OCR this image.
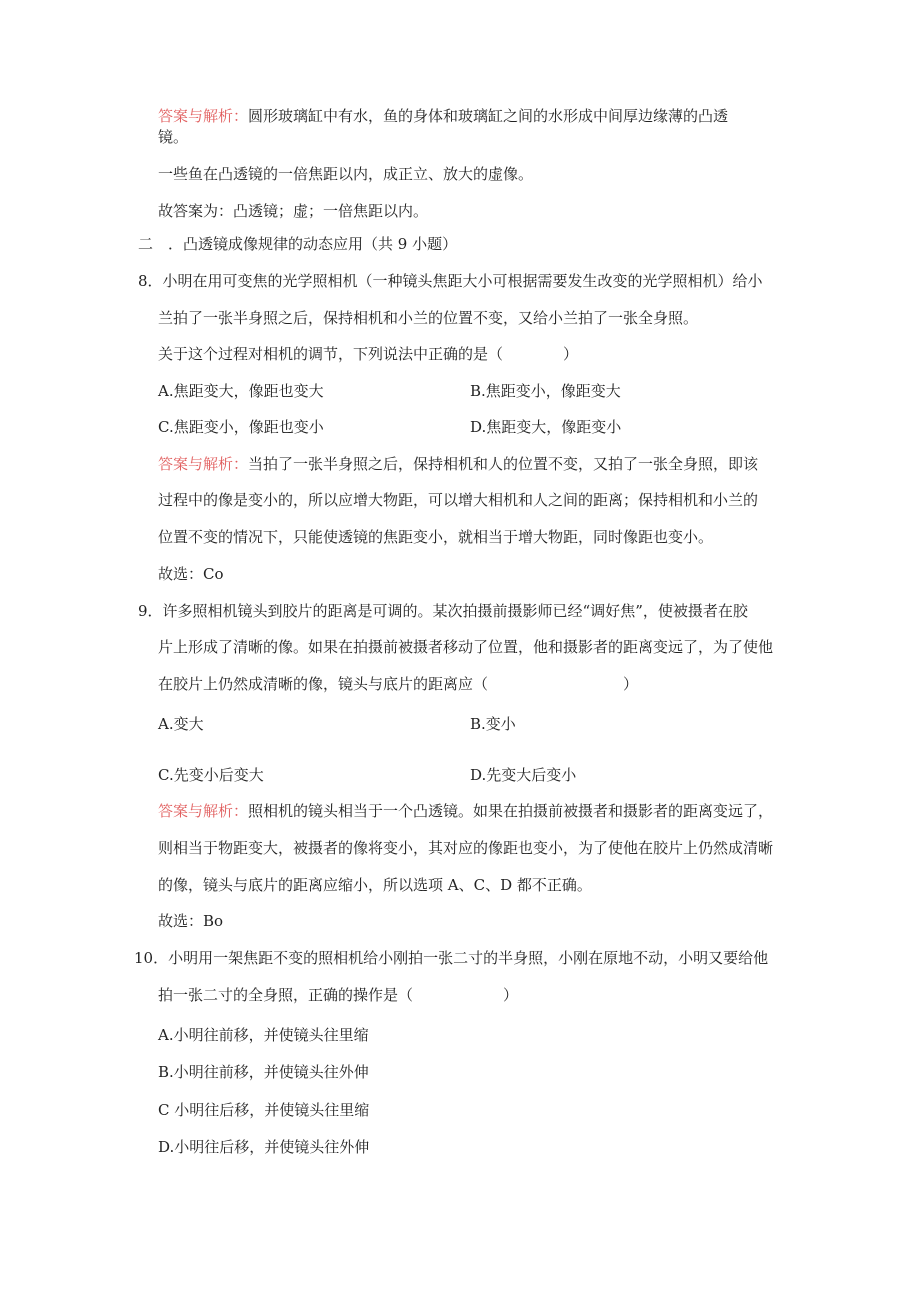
答案与解析：圆形玻璃缸中有水，鱼的身体和玻璃缸之间的水形成中间厚边缘薄的凸透
镜。
一些鱼在凸透镜的一倍焦距以内，成正立、放大的虚像。
故答案为：凸透镜；虚；一倍焦距以内。
二　．凸透镜成像规律的动态应用（共 9 小题）
8．小明在用可变焦的光学照相机（一种镜头焦距大小可根据需要发生改变的光学照相机）给小
兰拍了一张半身照之后，保持相机和小兰的位置不变，又给小兰拍了一张全身照。
关于这个过程对相机的调节，下列说法中正确的是（　　　　）
A.焦距变大，像距也变大	B.焦距变小，像距变大
C.焦距变小，像距也变小	D.焦距变大，像距变小
答案与解析：当拍了一张半身照之后，保持相机和人的位置不变，又拍了一张全身照，即该
过程中的像是变小的，所以应增大物距，可以增大相机和人之间的距离；保持相机和小兰的
位置不变的情况下，只能使透镜的焦距变小，就相当于增大物距，同时像距也变小。
故选：Co
9．许多照相机镜头到胶片的距离是可调的。某次拍摄前摄影师已经“调好焦”，使被摄者在胶
片上形成了清晰的像。如果在拍摄前被摄者移动了位置，他和摄影者的距离变远了，为了使他
在胶片上仍然成清晰的像，镜头与底片的距离应（　　　　　　　　　）
A.变大	B.变小
C.先变小后变大	D.先变大后变小
答案与解析：照相机的镜头相当于一个凸透镜。如果在拍摄前被摄者和摄影者的距离变远了，
则相当于物距变大，被摄者的像将变小，其对应的像距也变小，为了使他在胶片上仍然成清晰
的像，镜头与底片的距离应缩小，所以选项 A、C、D 都不正确。
故选：Bo
10．小明用一架焦距不变的照相机给小刚拍一张二寸的半身照，小刚在原地不动，小明又要给他
拍一张二寸的全身照，正确的操作是（　　　　　　）
A.小明往前移，并使镜头往里缩
B.小明往前移，并使镜头往外伸
C 小明往后移，并使镜头往里缩
D.小明往后移，并使镜头往外伸
